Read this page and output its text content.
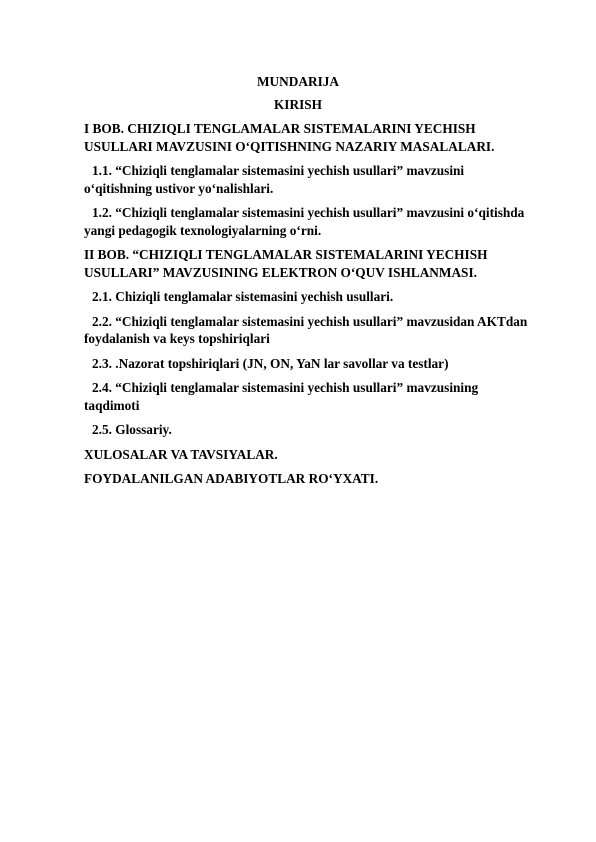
MUNDARIJA
KIRISH
I BOB. CHIZIQLI TENGLAMALAR SISTEMALARINI YECHISH
USULLARI MAVZUSINI O‘QITISHNING NAZARIY MASALALARI.
1.1. “Chiziqli tenglamalar sistemasini yechish usullari” mavzusini
o‘qitishning ustivor yo‘nalishlari.
1.2. “Chiziqli tenglamalar sistemasini yechish usullari” mavzusini o‘qitishda
yangi pedagogik texnologiyalarning o‘rni.
II BOB. “CHIZIQLI TENGLAMALAR SISTEMALARINI YECHISH
USULLARI” MAVZUSINING ELEKTRON O‘QUV ISHLANMASI.
2.1. Chiziqli tenglamalar sistemasini yechish usullari.
2.2. “Chiziqli tenglamalar sistemasini yechish usullari” mavzusidan AKTdan
foydalanish va keys topshiriqlari
2.3. .Nazorat topshiriqlari (JN, ON, YaN lar savollar va testlar)
2.4. “Chiziqli tenglamalar sistemasini yechish usullari” mavzusining
taqdimoti
2.5. Glossariy.
XULOSALAR VA TAVSIYALAR.
FOYDALANILGAN ADABIYOTLAR RO‘YXATI.
